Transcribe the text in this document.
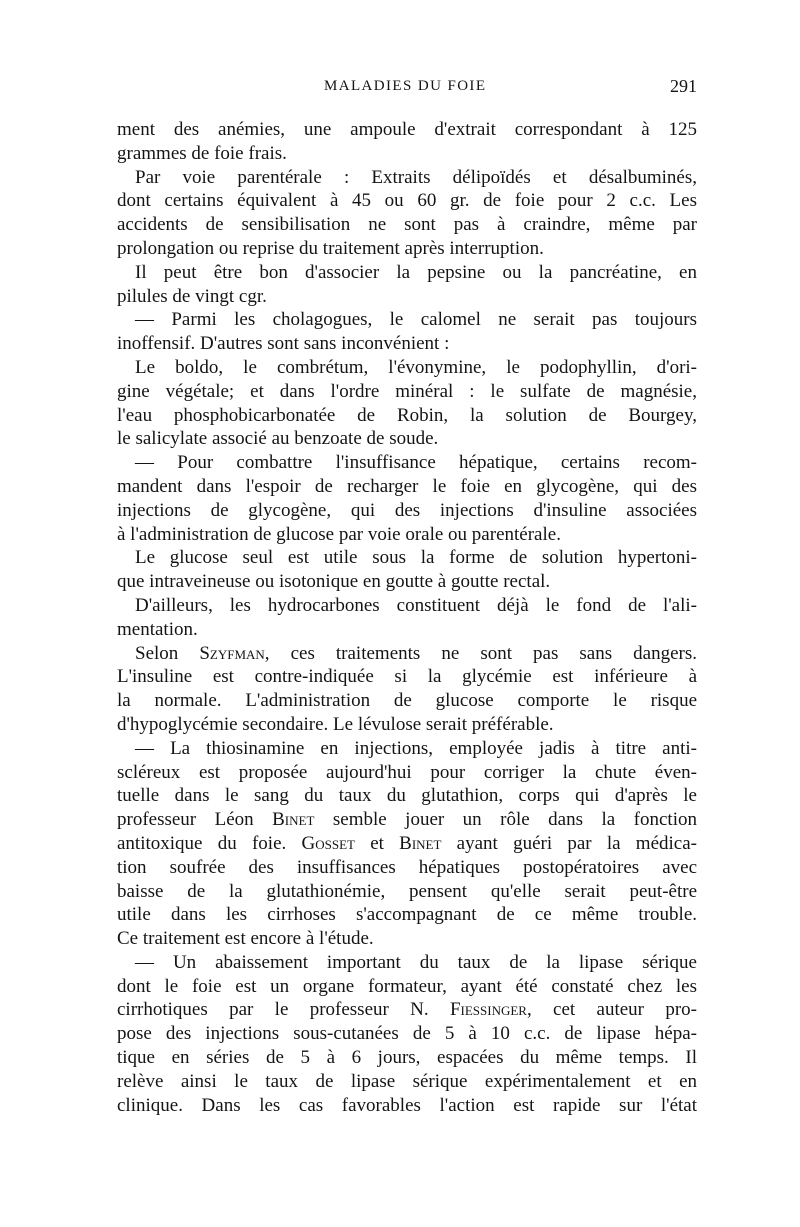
MALADIES DU FOIE	291
ment des anémies, une ampoule d'extrait correspondant à 125
grammes de foie frais.
Par voie parentérale : Extraits délipoïdés et désalbuminés,
dont certains équivalent à 45 ou 60 gr. de foie pour 2 c.c. Les
accidents de sensibilisation ne sont pas à craindre, même par
prolongation ou reprise du traitement après interruption.
Il peut être bon d'associer la pepsine ou la pancréatine, en
pilules de vingt cgr.
— Parmi les cholagogues, le calomel ne serait pas toujours
inoffensif. D'autres sont sans inconvénient :
Le boldo, le combrétum, l'évonymine, le podophyllin, d'ori-
gine végétale; et dans l'ordre minéral : le sulfate de magnésie,
l'eau phosphobicarbonatée de Robin, la solution de Bourgey,
le salicylate associé au benzoate de soude.
— Pour combattre l'insuffisance hépatique, certains recom-
mandent dans l'espoir de recharger le foie en glycogène, qui des
injections de glycogène, qui des injections d'insuline associées
à l'administration de glucose par voie orale ou parentérale.
Le glucose seul est utile sous la forme de solution hypertoni-
que intraveineuse ou isotonique en goutte à goutte rectal.
D'ailleurs, les hydrocarbones constituent déjà le fond de l'ali-
mentation.
Selon Szyfman, ces traitements ne sont pas sans dangers.
L'insuline est contre-indiquée si la glycémie est inférieure à
la normale. L'administration de glucose comporte le risque
d'hypoglycémie secondaire. Le lévulose serait préférable.
— La thiosinamine en injections, employée jadis à titre anti-
scléreux est proposée aujourd'hui pour corriger la chute éven-
tuelle dans le sang du taux du glutathion, corps qui d'après le
professeur Léon Binet semble jouer un rôle dans la fonction
antitoxique du foie. Gosset et Binet ayant guéri par la médica-
tion soufrée des insuffisances hépatiques postopératoires avec
baisse de la glutathionémie, pensent qu'elle serait peut-être
utile dans les cirrhoses s'accompagnant de ce même trouble.
Ce traitement est encore à l'étude.
— Un abaissement important du taux de la lipase sérique
dont le foie est un organe formateur, ayant été constaté chez les
cirrhotiques par le professeur N. Fiessinger, cet auteur pro-
pose des injections sous-cutanées de 5 à 10 c.c. de lipase hépa-
tique en séries de 5 à 6 jours, espacées du même temps. Il
relève ainsi le taux de lipase sérique expérimentalement et en
clinique. Dans les cas favorables l'action est rapide sur l'état
